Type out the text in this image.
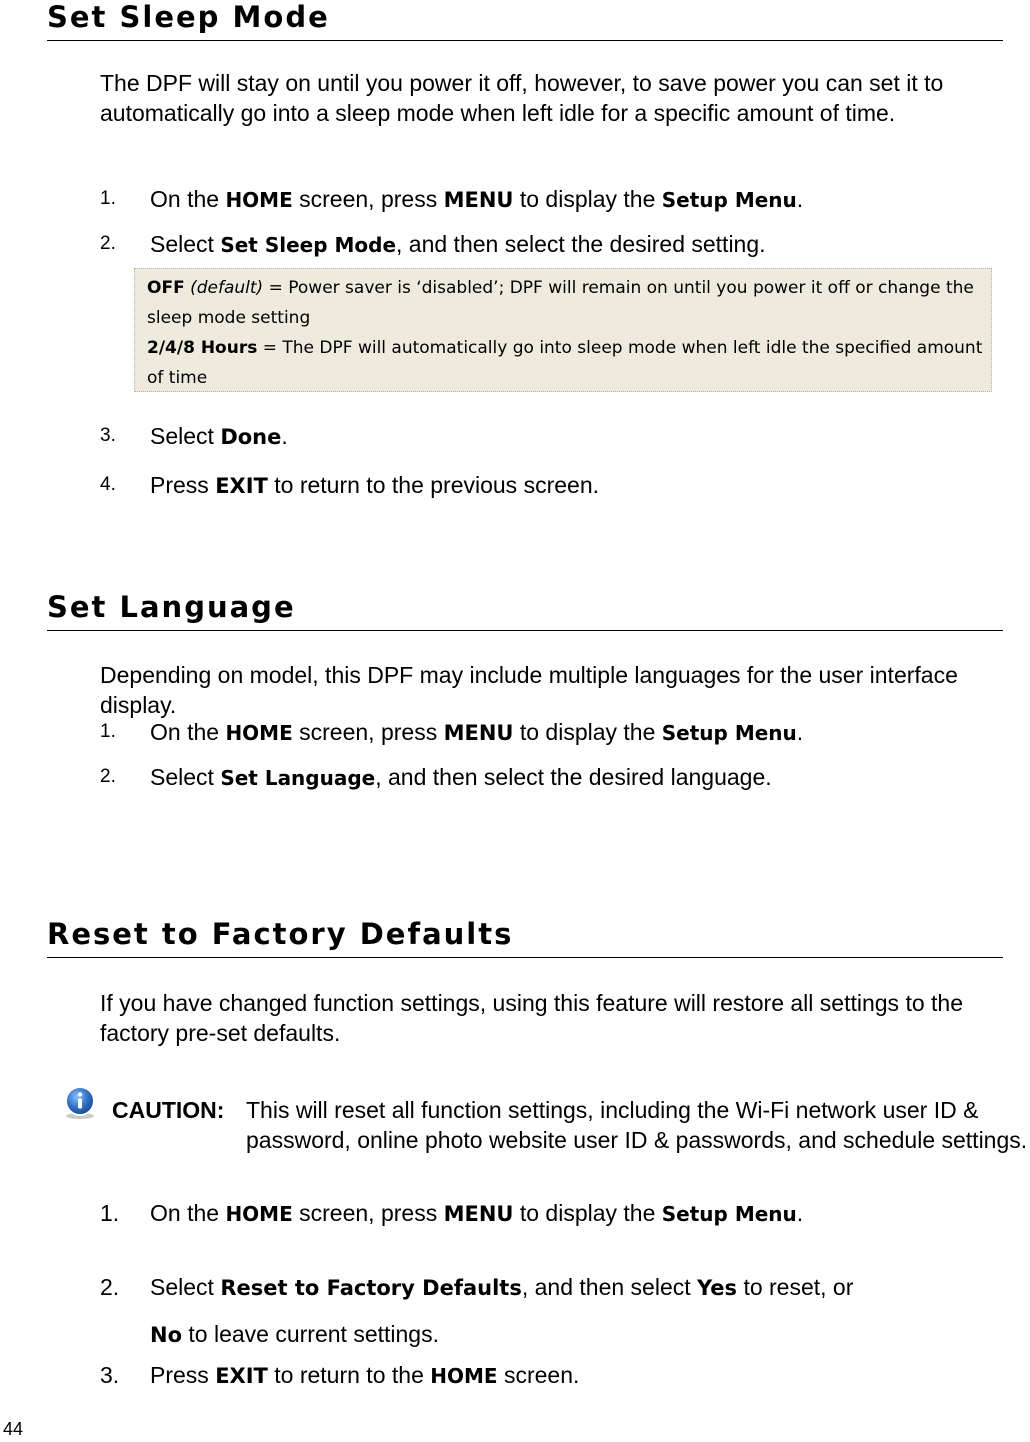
Set Sleep Mode

The DPF will stay on until you power it off, however, to save power you can set it to automatically go into a sleep mode when left idle for a specific amount of time.

1. On the HOME screen, press MENU to display the Setup Menu.
2. Select Set Sleep Mode, and then select the desired setting.
OFF (default) = Power saver is ‘disabled’; DPF will remain on until you power it off or change the sleep mode setting
2/4/8 Hours = The DPF will automatically go into sleep mode when left idle the specified amount of time
3. Select Done.
4. Press EXIT to return to the previous screen.
Set Language

Depending on model, this DPF may include multiple languages for the user interface display.

1. On the HOME screen, press MENU to display the Setup Menu.
2. Select Set Language, and then select the desired language.
Reset to Factory Defaults

If you have changed function settings, using this feature will restore all settings to the factory pre-set defaults.

CAUTION: This will reset all function settings, including the Wi-Fi network user ID & password, online photo website user ID & passwords, and schedule settings.
1. On the HOME screen, press MENU to display the Setup Menu.
2. Select Reset to Factory Defaults, and then select Yes to reset, or
No to leave current settings.
3. Press EXIT to return to the HOME screen.
44
